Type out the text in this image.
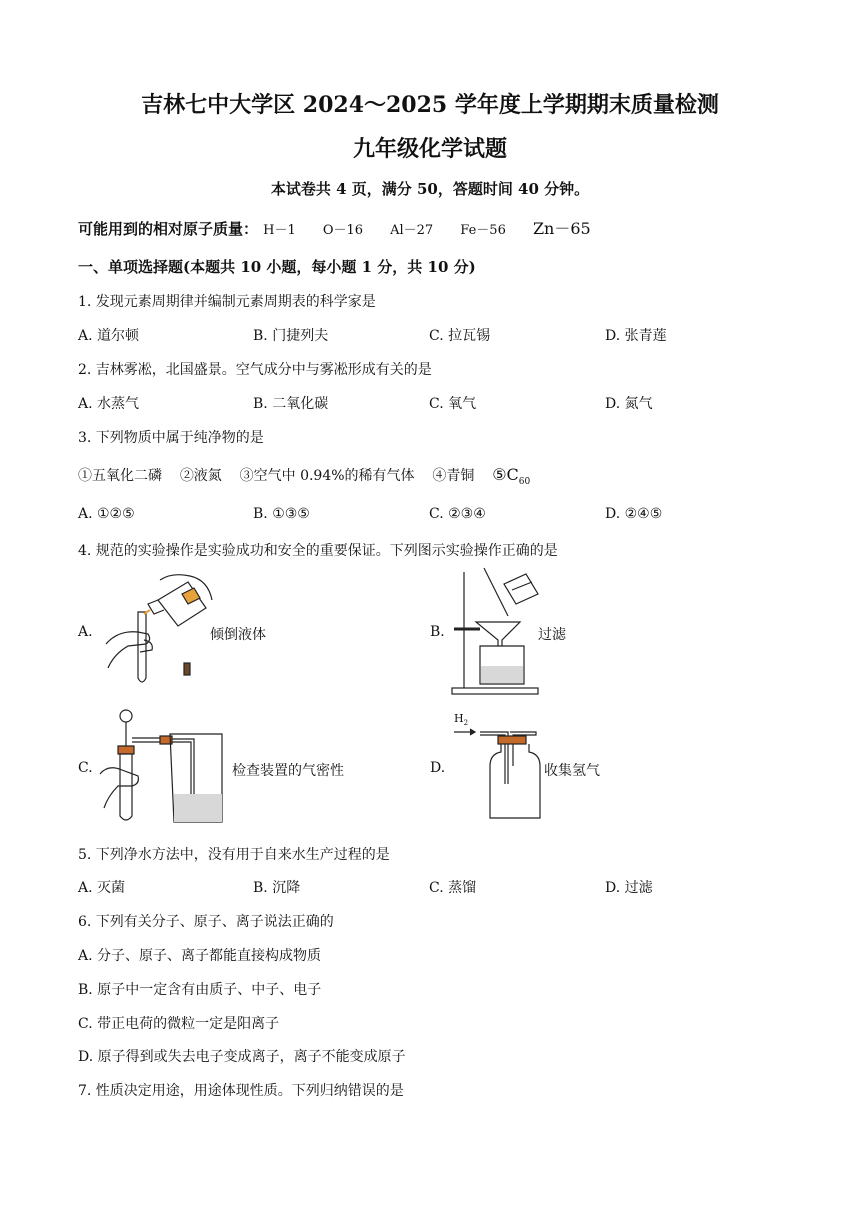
吉林七中大学区 2024～2025 学年度上学期期末质量检测
九年级化学试题
本试卷共 4 页，满分 50，答题时间 40 分钟。
可能用到的相对原子质量： H－1 O－16 Al－27 Fe－56 Zn－65
一、单项选择题(本题共 10 小题，每小题 1 分，共 10 分)
1. 发现元素周期律并编制元素周期表的科学家是
A. 道尔顿	B. 门捷列夫	C. 拉瓦锡	D. 张青莲
2. 吉林雾凇，北国盛景。空气成分中与雾凇形成有关的是
A. 水蒸气	B. 二氧化碳	C. 氧气	D. 氮气
3. 下列物质中属于纯净物的是
①五氧化二磷 ②液氮 ③空气中 0.94%的稀有气体 ④青铜 $⑤C_{60}$
A. ①②⑤	B. ①③⑤	C. ②③④	D. ②④⑤
4. 规范的实验操作是实验成功和安全的重要保证。下列图示实验操作正确的是
A.	倾倒液体	B.	过滤
C.	检查装置的气密性	D.	收集氢气
$H_2$
5. 下列净水方法中，没有用于自来水生产过程的是
A. 灭菌	B. 沉降	C. 蒸馏	D. 过滤
6. 下列有关分子、原子、离子说法正确的
A. 分子、原子、离子都能直接构成物质
B. 原子中一定含有由质子、中子、电子
C. 带正电荷的微粒一定是阳离子
D. 原子得到或失去电子变成离子，离子不能变成原子
7. 性质决定用途，用途体现性质。下列归纳错误的是
